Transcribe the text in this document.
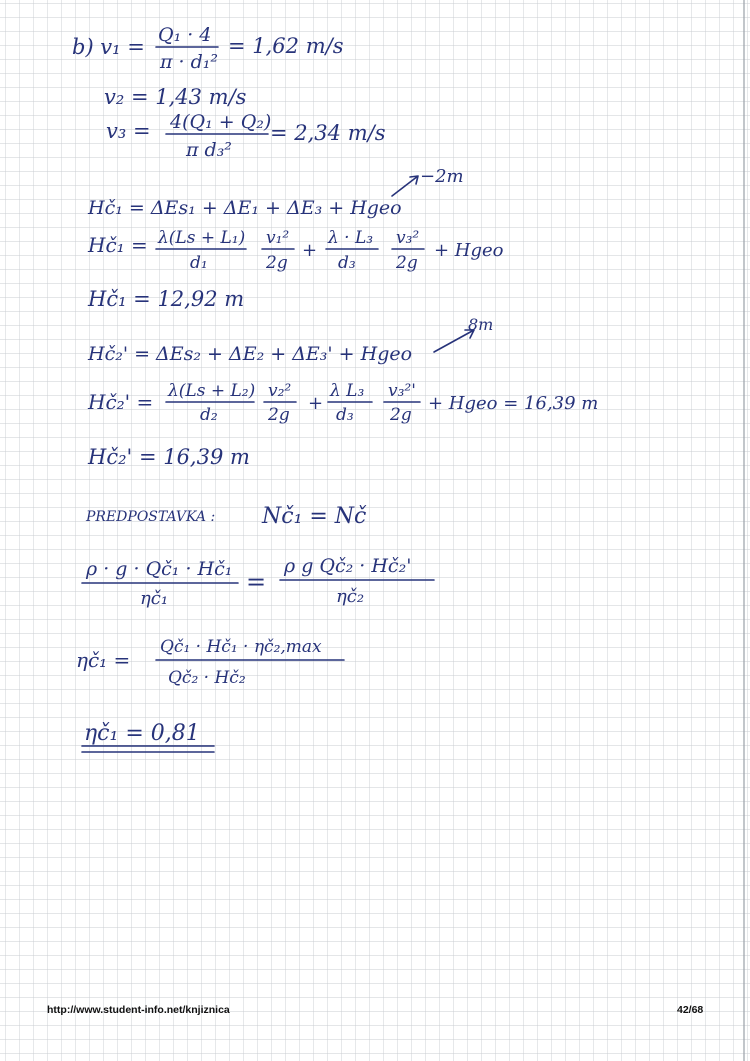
b) v₁ = Q₁ · 4
π · d₁²
= 1,62 m/s
v₂ = 1,43 m/s
v₃ = 4(Q₁ + Q₂)
π d₃²
= 2,34 m/s
−2m
Hč₁ = ΔEs₁ + ΔE₁ + ΔE₃ + Hgeo
Hč₁ = λ(Ls + L₁)
d₁
v₁²
2g
+
λ · L₃
d₃
v₃²
2g
+ Hgeo
Hč₁ = 12,92 m
8m
Hč₂' = ΔEs₂ + ΔE₂ + ΔE₃' + Hgeo
Hč₂' = λ(Ls + L₂)
d₂
v₂²
2g
+
λ L₃
d₃
v₃²'
2g
+ Hgeo = 16,39 m
Hč₂' = 16,39 m
PREDPOSTAVKA : Nč₁ = Nč
ρ · g · Qč₁ · Hč₁
ηč₁
=
ρ g Qč₂ · Hč₂'
ηč₂
ηč₁ =
Qč₁ · Hč₁ · ηč₂,max
Qč₂ · Hč₂
ηč₁ = 0,81
http://www.student-info.net/knjiznica	42/68
